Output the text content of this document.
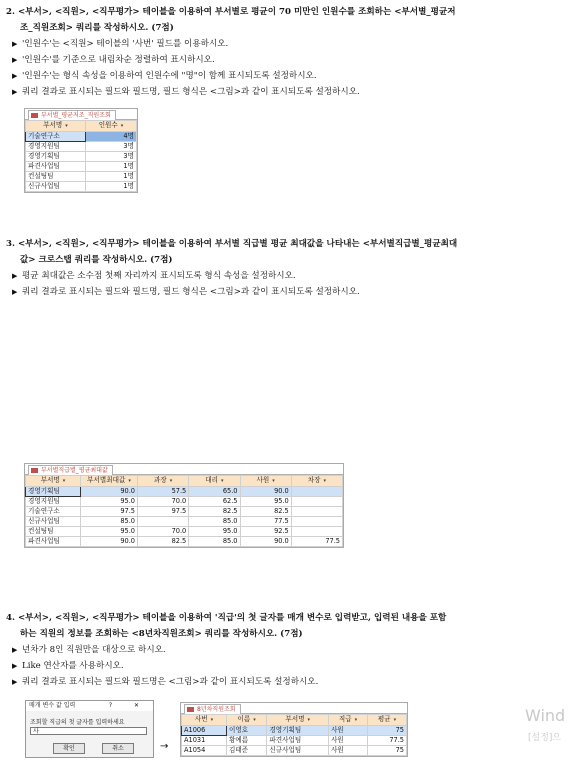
2. <부서>, <직원>, <직무평가> 테이블을 이용하여 부서별로 평균이 70 미만인 인원수를 조회하는 <부서별_평균저
조_직원조회> 쿼리를 작성하시오. (7점)
▶ '인원수'는 <직원> 테이블의 '사번' 필드를 이용하시오.
▶ '인원수'를 기준으로 내림차순 정렬하여 표시하시오.
▶ '인원수'는 형식 속성을 이용하여 인원수에 "명"이 함께 표시되도록 설정하시오.
▶ 쿼리 결과로 표시되는 필드와 필드명, 필드 형식은 <그림>과 같이 표시되도록 설정하시오.
부서별_평균저조_직원조회
부서명 ▾	인원수 ▾
기술연구소	4명
경영지원팀	3명
경영기획팀	3명
파견사업팀	1명
컨설팅팀	1명
신규사업팀	1명
3. <부서>, <직원>, <직무평가> 테이블을 이용하여 부서별 직급별 평균 최대값을 나타내는 <부서별직급별_평균최대
값> 크로스탭 쿼리를 작성하시오. (7점)
▶ 평균 최대값은 소수점 첫째 자리까지 표시되도록 형식 속성을 설정하시오.
▶ 쿼리 결과로 표시되는 필드와 필드명, 필드 형식은 <그림>과 같이 표시되도록 설정하시오.
부서별직급별_평균최대값
부서명 ▾	부서별최대값 ▾	과장 ▾	대리 ▾	사원 ▾	차장 ▾
경영기획팀	90.0	57.5	65.0	90.0	
경영지원팀	95.0	70.0	62.5	95.0	
기술연구소	97.5	97.5	82.5	82.5	
신규사업팀	85.0		85.0	77.5	
컨설팅팀	95.0	70.0	95.0	92.5	
파견사업팀	90.0	82.5	85.0	90.0	77.5
4. <부서>, <직원>, <직무평가> 테이블을 이용하여 '직급'의 첫 글자를 매개 변수로 입력받고, 입력된 내용을 포함
하는 직원의 정보를 조회하는 <8년차직원조회> 쿼리를 작성하시오. (7점)
▶ 년차가 8인 직원만을 대상으로 하시오.
▶ Like 연산자를 사용하시오.
▶ 쿼리 결과로 표시되는 필드와 필드명은 <그림>과 같이 표시되도록 설정하시오.
매개 변수 값 입력	? ✕
조회할 직급의 첫 글자를 입력하세요
사
확인	취소	→
8년차직원조회
사번 ▾	이름 ▾	부서명 ▾	직급 ▾	평균 ▾
A1006	이영호	경영기획팀	사원	75
A1031	황예름	파견사업팀	사원	77.5
A1054	김태준	신규사업팀	사원	75
Wind
[설정]으
